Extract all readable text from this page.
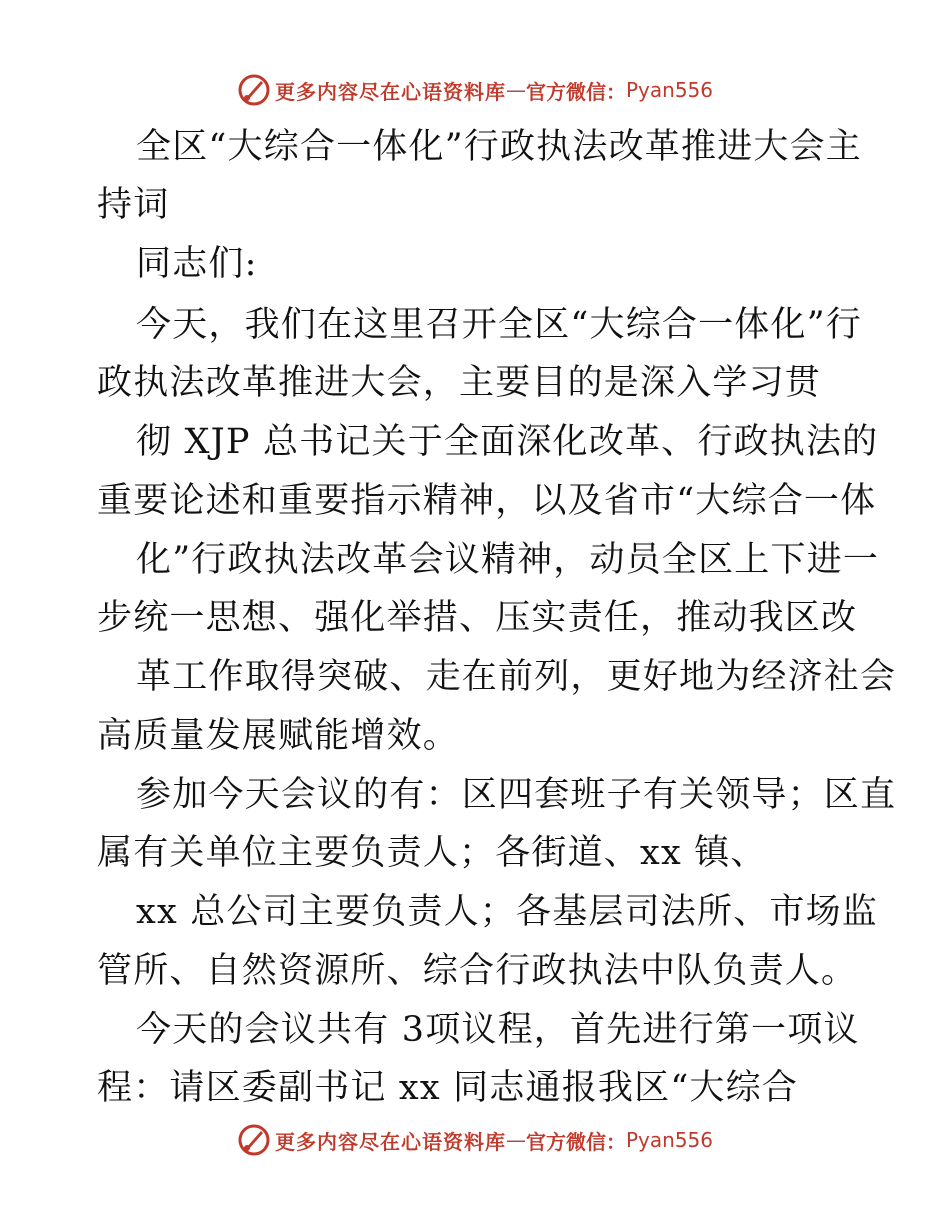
更多内容尽在心语资料库 — 官方微信： Pyan556
全区“大综合一体化”行政执法改革推进大会主
持词
同志们:
今天，我们在这里召开全区“大综合一体化”行
政执法改革推进大会，主要目的是深入学习贯
彻 XJP 总书记关于全面深化改革、行政执法的
重要论述和重要指示精神，以及省市“大综合一体
化”行政执法改革会议精神，动员全区上下进一
步统一思想、强化举措、压实责任，推动我区改
革工作取得突破、走在前列，更好地为经济社会
高质量发展赋能增效。
参加今天会议的有：区四套班子有关领导；区直
属有关单位主要负责人；各街道、xx 镇、
xx 总公司主要负责人；各基层司法所、市场监
管所、自然资源所、综合行政执法中队负责人。
今天的会议共有 3项议程，首先进行第一项议
程：请区委副书记 xx 同志通报我区“大综合
更多内容尽在心语资料库 — 官方微信： Pyan556
